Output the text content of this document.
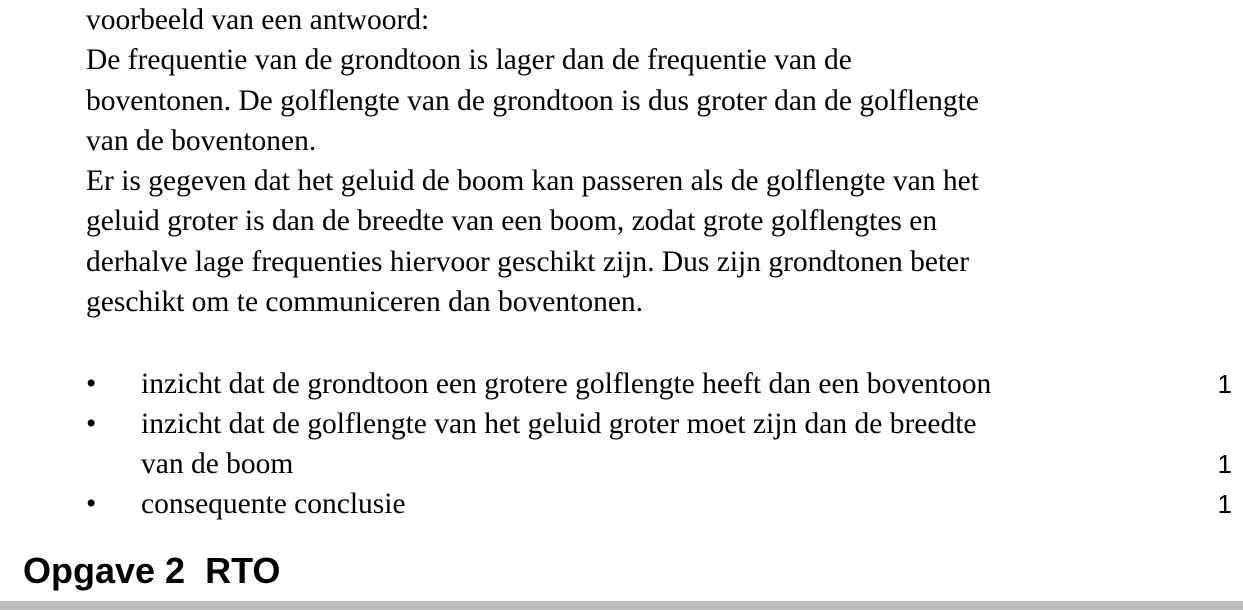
voorbeeld van een antwoord:

De frequentie van de grondtoon is lager dan de frequentie van de
boventonen. De golflengte van de grondtoon is dus groter dan de golflengte
van de boventonen.

Er is gegeven dat het geluid de boom kan passeren als de golflengte van het
geluid groter is dan de breedte van een boom, zodat grote golflengtes en
derhalve lage frequenties hiervoor geschikt zijn. Dus zijn grondtonen beter
geschikt om te communiceren dan boventonen.

• inzicht dat de grondtoon een grotere golflengte heeft dan een boventoon	1
• inzicht dat de golflengte van het geluid groter moet zijn dan de breedte
van de boom	1
• consequente conclusie	1
Opgave 2  RTO
